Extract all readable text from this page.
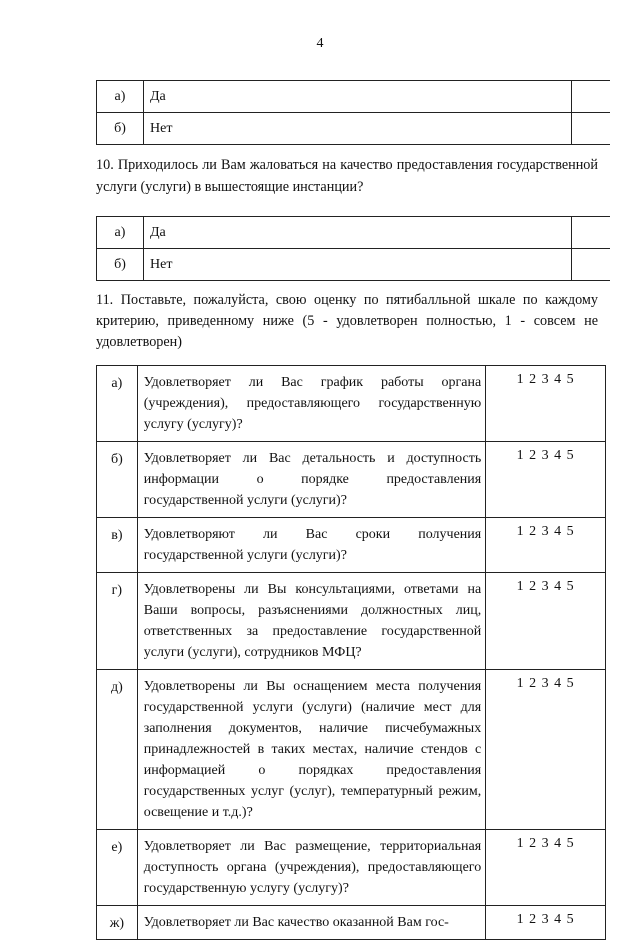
4
а)	Да	
б)	Нет	
10. Приходилось ли Вам жаловаться на качество предоставления государственной услуги (услуги) в вышестоящие инстанции?
а)	Да	
б)	Нет	
11. Поставьте, пожалуйста, свою оценку по пятибалльной шкале по каждому критерию, приведенному ниже (5 - удовлетворен полностью, 1 - совсем не удовлетворен)
а)	Удовлетворяет ли Вас график работы органа (учреждения), предоставляющего государственную услугу (услугу)?	1 2 3 4 5
б)	Удовлетворяет ли Вас детальность и доступность информации о порядке предоставления государственной услуги (услуги)?	1 2 3 4 5
в)	Удовлетворяют ли Вас сроки получения государственной услуги (услуги)?	1 2 3 4 5
г)	Удовлетворены ли Вы консультациями, ответами на Ваши вопросы, разъяснениями должностных лиц, ответственных за предоставление государственной услуги (услуги), сотрудников МФЦ?	1 2 3 4 5
д)	Удовлетворены ли Вы оснащением места получения государственной услуги (услуги) (наличие мест для заполнения документов, наличие писчебумажных принадлежностей в таких местах, наличие стендов с информацией о порядках предоставления государственных услуг (услуг), температурный режим, освещение и т.д.)?	1 2 3 4 5
е)	Удовлетворяет ли Вас размещение, территориальная доступность органа (учреждения), предоставляющего государственную услугу (услугу)?	1 2 3 4 5
ж)	Удовлетворяет ли Вас качество оказанной Вам гос-	1 2 3 4 5
